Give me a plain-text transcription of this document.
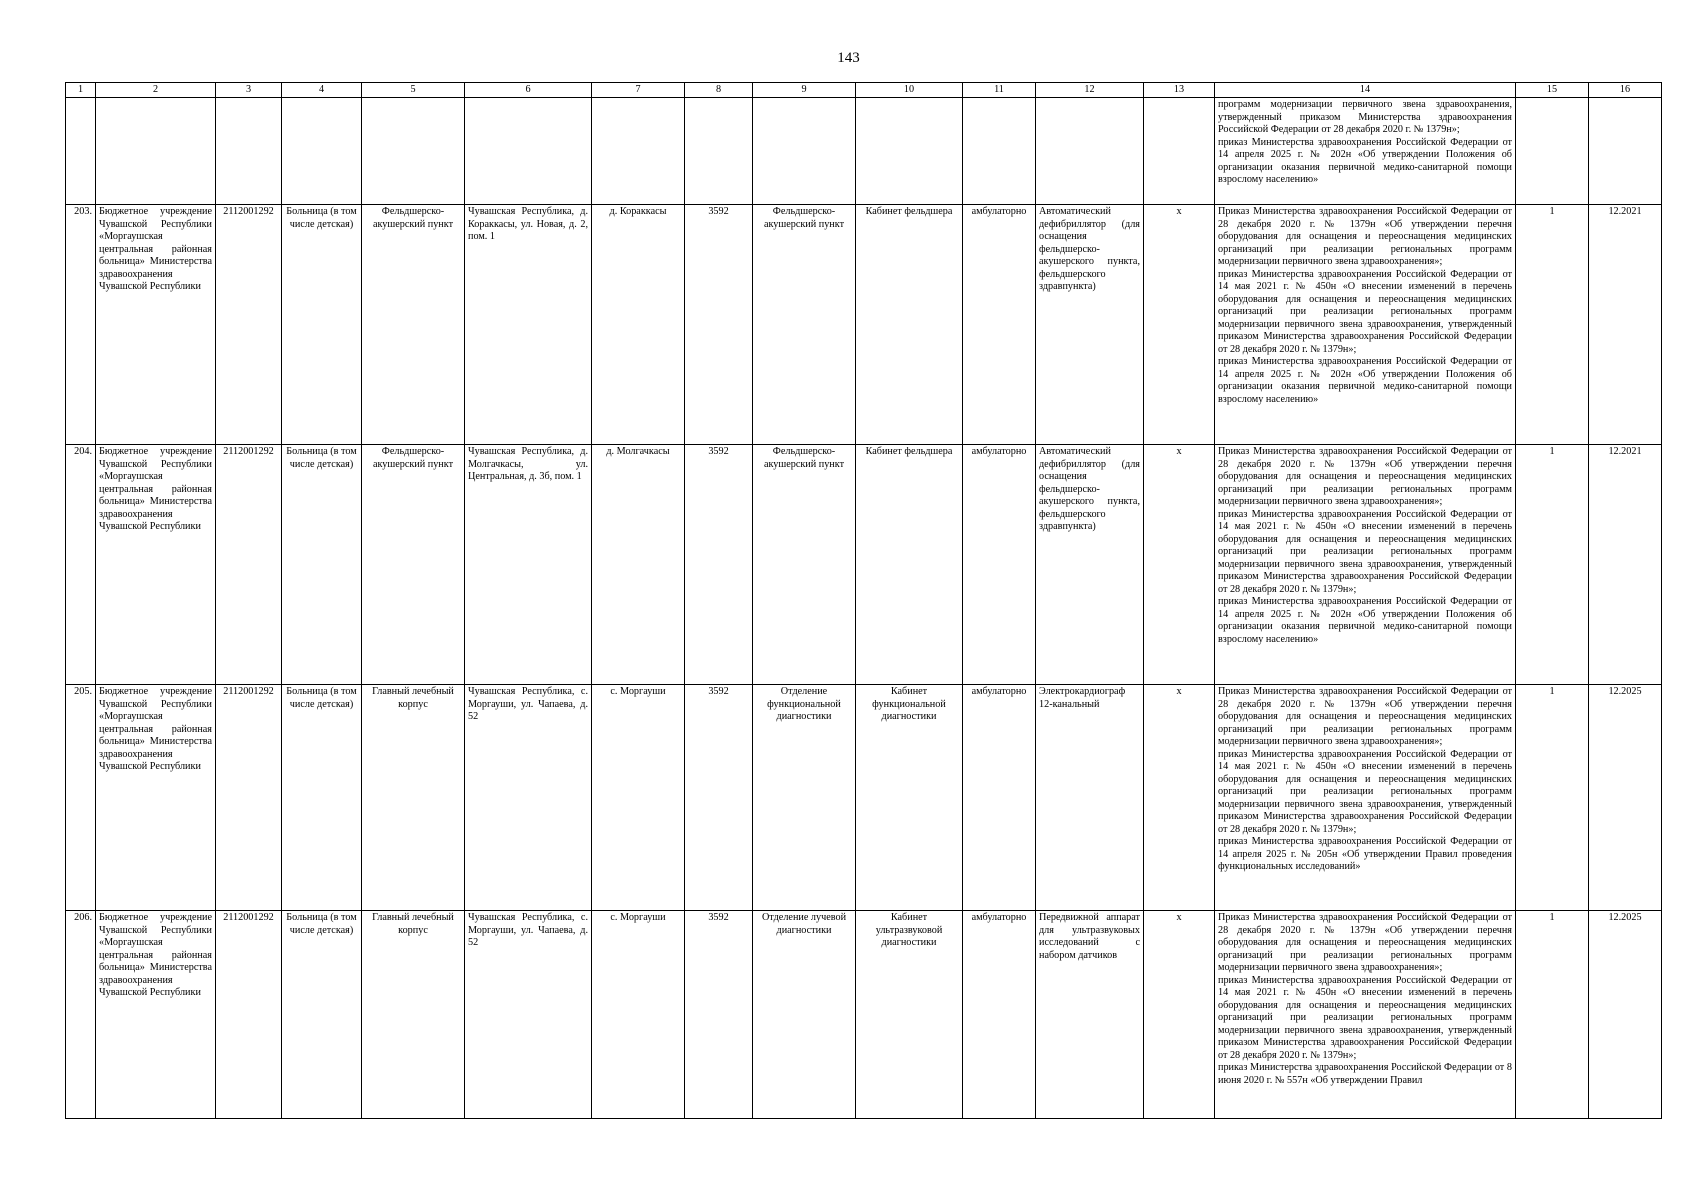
143
1	2	3	4	5	6	7	8	9	10	11	12	13	14	15	16

													программ модернизации первичного звена здравоохранения, утвержденный приказом Министерства здравоохранения Российской Федерации от 28 декабря 2020 г. № 1379н»;

приказ Министерства здравоохранения Российской Федерации от 14 апреля 2025 г. № 202н «Об утверждении Положения об организации оказания первичной медико-санитарной помощи взрослому населению»		

203.	Бюджетное учреждение Чувашской Республики «Моргаушская центральная районная больница» Министерства здравоохранения Чувашской Республики	2112001292	Больница (в том числе детская)	Фельдшерско-акушерский пункт	Чувашская Республика, д. Кораккасы, ул. Новая, д. 2, пом. 1	д. Кораккасы	3592	Фельдшерско-акушерский пункт	Кабинет фельдшера	амбулаторно	Автоматический дефибриллятор (для оснащения фельдшерско-акушерского пункта, фельдшерского здравпункта)	x	Приказ Министерства здравоохранения Российской Федерации от 28 декабря 2020 г. № 1379н «Об утверждении перечня оборудования для оснащения и переоснащения медицинских организаций при реализации региональных программ модернизации первичного звена здравоохранения»;

приказ Министерства здравоохранения Российской Федерации от 14 мая 2021 г. № 450н «О внесении изменений в перечень оборудования для оснащения и переоснащения медицинских организаций при реализации региональных программ модернизации первичного звена здравоохранения, утвержденный приказом Министерства здравоохранения Российской Федерации от 28 декабря 2020 г. № 1379н»;

приказ Министерства здравоохранения Российской Федерации от 14 апреля 2025 г. № 202н «Об утверждении Положения об организации оказания первичной медико-санитарной помощи взрослому населению»	1	12.2021
204.	Бюджетное учреждение Чувашской Республики «Моргаушская центральная районная больница» Министерства здравоохранения Чувашской Республики	2112001292	Больница (в том числе детская)	Фельдшерско-акушерский пункт	Чувашская Республика, д. Молгачкасы, ул. Центральная, д. 3б, пом. 1	д. Молгачкасы	3592	Фельдшерско-акушерский пункт	Кабинет фельдшера	амбулаторно	Автоматический дефибриллятор (для оснащения фельдшерско-акушерского пункта, фельдшерского здравпункта)	x	Приказ Министерства здравоохранения Российской Федерации от 28 декабря 2020 г. № 1379н «Об утверждении перечня оборудования для оснащения и переоснащения медицинских организаций при реализации региональных программ модернизации первичного звена здравоохранения»;

приказ Министерства здравоохранения Российской Федерации от 14 мая 2021 г. № 450н «О внесении изменений в перечень оборудования для оснащения и переоснащения медицинских организаций при реализации региональных программ модернизации первичного звена здравоохранения, утвержденный приказом Министерства здравоохранения Российской Федерации от 28 декабря 2020 г. № 1379н»;

приказ Министерства здравоохранения Российской Федерации от 14 апреля 2025 г. № 202н «Об утверждении Положения об организации оказания первичной медико-санитарной помощи взрослому населению»	1	12.2021
205.	Бюджетное учреждение Чувашской Республики «Моргаушская центральная районная больница» Министерства здравоохранения Чувашской Республики	2112001292	Больница (в том числе детская)	Главный лечебный корпус	Чувашская Республика, с. Моргауши, ул. Чапаева, д. 52	с. Моргауши	3592	Отделение функциональной диагностики	Кабинет функциональной диагностики	амбулаторно	Электрокардиограф 12-канальный	x	Приказ Министерства здравоохранения Российской Федерации от 28 декабря 2020 г. № 1379н «Об утверждении перечня оборудования для оснащения и переоснащения медицинских организаций при реализации региональных программ модернизации первичного звена здравоохранения»;

приказ Министерства здравоохранения Российской Федерации от 14 мая 2021 г. № 450н «О внесении изменений в перечень оборудования для оснащения и переоснащения медицинских организаций при реализации региональных программ модернизации первичного звена здравоохранения, утвержденный приказом Министерства здравоохранения Российской Федерации от 28 декабря 2020 г. № 1379н»;

приказ Министерства здравоохранения Российской Федерации от 14 апреля 2025 г. № 205н «Об утверждении Правил проведения функциональных исследований»	1	12.2025
206.	Бюджетное учреждение Чувашской Республики «Моргаушская центральная районная больница» Министерства здравоохранения Чувашской Республики	2112001292	Больница (в том числе детская)	Главный лечебный корпус	Чувашская Республика, с. Моргауши, ул. Чапаева, д. 52	с. Моргауши	3592	Отделение лучевой диагностики	Кабинет ультразвуковой диагностики	амбулаторно	Передвижной аппарат для ультразвуковых исследований с набором датчиков	x	Приказ Министерства здравоохранения Российской Федерации от 28 декабря 2020 г. № 1379н «Об утверждении перечня оборудования для оснащения и переоснащения медицинских организаций при реализации региональных программ модернизации первичного звена здравоохранения»;

приказ Министерства здравоохранения Российской Федерации от 14 мая 2021 г. № 450н «О внесении изменений в перечень оборудования для оснащения и переоснащения медицинских организаций при реализации региональных программ модернизации первичного звена здравоохранения, утвержденный приказом Министерства здравоохранения Российской Федерации от 28 декабря 2020 г. № 1379н»;

приказ Министерства здравоохранения Российской Федерации от 8 июня 2020 г. № 557н «Об утверждении Правил	1	12.2025
